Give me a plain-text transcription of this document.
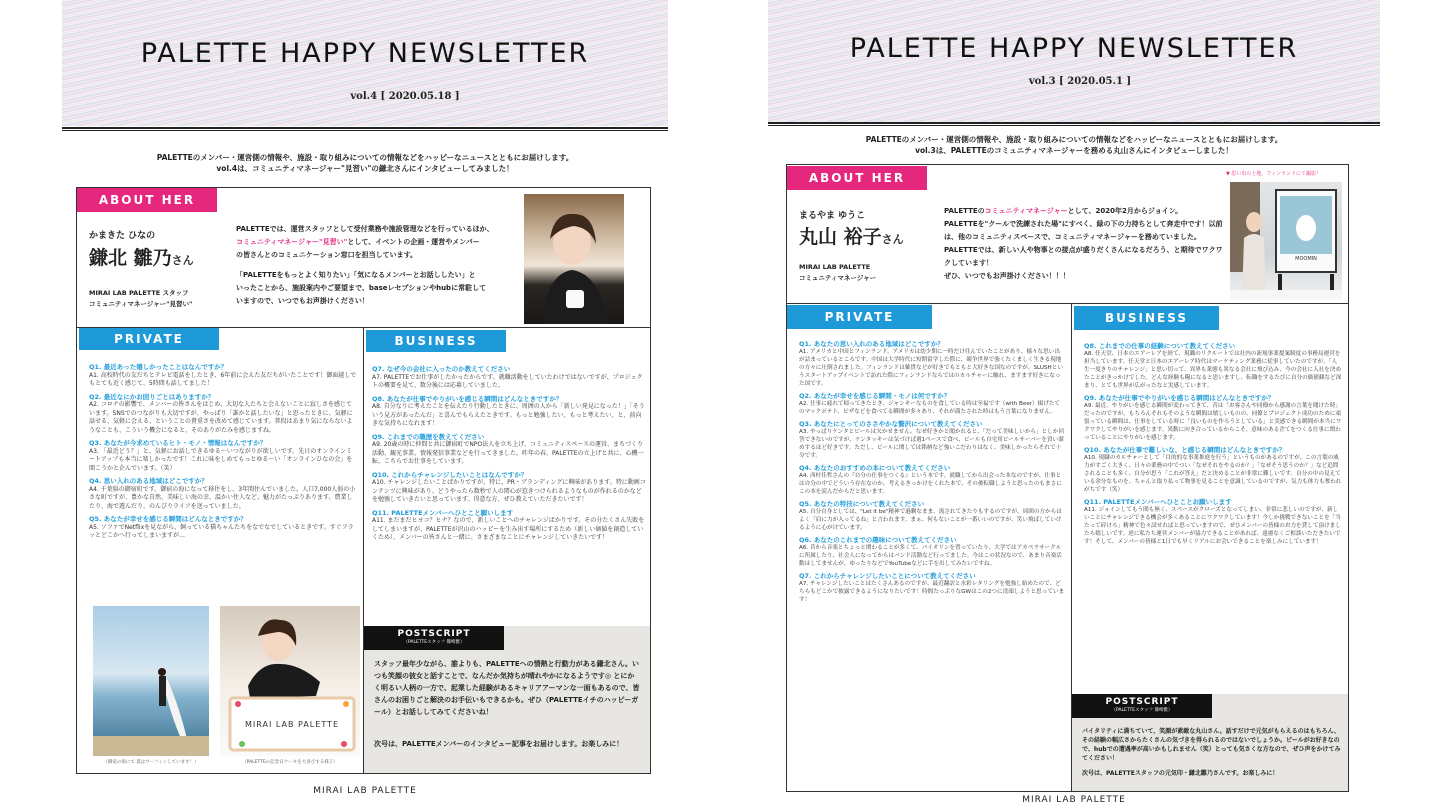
PALETTE HAPPY NEWSLETTER
vol.4 [ 2020.05.18 ]
PALETTEのメンバー・運営側の情報や、施設・取り組みについての情報などをハッピーなニュースとともにお届けします。
vol.4は、コミュニティマネージャー"見習い"の鎌北さんにインタビューしてみました！
ABOUT HER
かまきた ひなの
鎌北 雛乃さん
MIRAI LAB PALETTE スタッフ
コミュニティマネージャー"見習い"
PALETTEでは、運営スタッフとして受付業務や施設管理などを行っているほか、
コミュニティマネージャー"見習い"として、イベントの企画・運営やメンバー
の皆さんとのコミュニケーション窓口を担当しています。
「PALETTEをもっとよく知りたい」「気になるメンバーとお話ししたい」と
いったことから、施設案内やご要望まで、baseレセプションやhubに常駐して
いますので、いつでもお声掛けください！
PRIVATE	BUSINESS
Q1. 最近あった嬉しかったことはなんですか？
A1. 高校時代の友だちとテレビ電話をしたとき、6年前に会えた友だちがいたことです！御面越しでもとても近く感じて、5時間も話してました！
Q2. 最近なにかお困りごとはありますか？
A2. コロナの影響で、メンバーの皆さんをはじめ、大切な人たちと会えないことに寂しさを感じています。SNSでのつながりも大切ですが、やっぱり「誰かと話したいな」と思ったときに、気軽に話せる、気軽に会える、ということの貴重さを改めて感じています。普段はあまり気にならないようなことも、こういう機会になると、そのありがたみを感じますね。
Q3. あなたが今求めているヒト・モノ・情報はなんですか？
A3. 「最近どう？」と、気軽にお話しできるゆる～いつながりが欲しいです。先日のオンラインミートアップも本当に楽しかったです！これに味をしめてもっとゆる～い「オンラインひなの会」を開こうかと企んでいます。（笑）
Q4. 思い入れのある地域はどこですか？
A4. 千葉県の御宿町です。御宿の海になって移住をし、3年間住んでいました。人口7,000人弱の小さな町ですが、豊かな自然、美味しい海の幸、温かい住人など、魅力がたっぷりあります。農業したり、海で遊んだり、のんびりライフを送っていました。
Q5. あなたが幸せを感じる瞬間はどんなときですか？
A5. ソファでNetflixを見ながら、飼っている猫ちゃんたちをなでなでしているときです。すぐフラッとどこかへ行ってしまいますが…
Q7. なぜ今の会社に入ったのか教えてください
A7. PALETTEでお仕事がしたかったからです。就職活動をしていたわけではないですが、プロジェクトの概要を見て、数分後には応募していました。
Q8. あなたが仕事でやりがいを感じる瞬間はどんなときですか？
A8. 自分なりに考えたことを伝えたり行動したときに、周囲の人から「新しい発見になった！」「そういう見方があったんだ」と喜んでもらえたときです。もっと勉強したい、もっと考えたい、と、前向きな気持ちになれます！
Q9. これまでの職歴を教えてください
A9. 20歳の時に仲間と共に御宿町でNPO法人を立ち上げ、コミュニティスペースの運営、まちづくり活動、観光事業、情報発信事業などを行ってきました。昨年の春、PALETTEの立上げと共に、心機一転、こちらでお仕事をしています。
Q10. これからチャレンジしたいことはなんですか？
A10. チャレンジしたいことばかりですが、特に、PR・ブランディングに興味があります。特に動画コンテンツに興味があり、どうやったら数秒で人の関心が惹きつけられるようなものが作れるのかなどを勉強していきたいと思っています。得意な方、ぜひ教えていただきたいです！
Q11. PALETTEメンバーへひとこと願いします
A11. まだまだヒヨコ？ヒナ？なので、新しいことへのチャレンジばかりです。その分たくさん失敗をしてしまいますが、PALETTEが沢山のハッピーを生み出す場所にするため（新しい価値を創造していくため）、メンバーの皆さんと一緒に、さまざまなことにチャレンジしていきたいです！
（御宿の海にて 夏はサーフィンしています！）
MIRAI LAB PALETTE
（PALETTEの記念日ケーキを大喜びする様子）
スタッフ最年少ながら、誰よりも、PALETTEへの情熱と行動力がある鎌北さん。いつも笑顔の彼女と話すことで、なんだか気持ちが晴れやかになるようです◎ とにかく明るい人柄の一方で、起業した経験があるキャリアアーマンな一面もあるので、皆さんのお困りごと解決のお手伝いもできるかも。ぜひ（PALETTEイチのハッピーガール）とお話ししてみてくださいね！
次号は、PALETTEメンバーのインタビュー記事をお届けします。お楽しみに！
POSTSCRIPT
（PALETTEスタッフ 篠崎雅）
MIRAI LAB PALETTE
PALETTE HAPPY NEWSLETTER
vol.3 [ 2020.05.1 ]
PALETTEのメンバー・運営側の情報や、施設・取り組みについての情報などをハッピーなニュースとともにお届けします。
vol.3は、PALETTEのコミュニティマネージャーを務める丸山さんにインタビューしました！
ABOUT HER
まるやま ゆうこ
丸山 裕子さん
MIRAI LAB PALETTE
コミュニティマネージャー
PALETTEのコミュニティマネージャーとして、2020年2月からジョイン。
PALETTEを"クールで洗練された場"にすべく、緑の下の力持ちとして奔走中です！以前は、他のコミュニティスペースで、コミュニティマネージャーを務めていました。PALETTEでは、新しい人や物事との接点が盛りだくさんになるだろう、と期待でワクワクしています！
ぜひ、いつでもお声掛けください！！！
▼ 思い出の土地、フィンランドにて撮影！
MOOMIN
PRIVATE	BUSINESS
Q1. あなたの思い入れのある地域はどこですか？
A1. アメリカと中国とフィンランド。アメリカは幼少期に一時だけ住んでいたことがあり、様々な思い出が詰まっているところです。中国は大学時代に短期留学した際に、競争世界で強くたくましく生きる現地の方々に圧倒されました。フィンランドは雑貨などが好きでもともと大好きな国なのですが、SLUSHというスタートアップイベントで訪れた際にフィンランドならではのカルチャーに触れ、ますます好きになった国です。
Q2. あなたが幸せを感じる瞬間・モノは何ですか？
A2. 仕事に疲れて帰ってきたとき、ジャンキーなものを食している時は至福です（with Beer）揚げたてのマックポテト、ピザなどを食べてる瞬間が多々あり、それが満たされた時はもう言葉になりません。
Q3. あなたにとってのささやかな贅沢について教えてください
A3. やっぱりケンタとビールは欠かせません。なぜ好きかと聞かれると、「だって美味しいから」としか回答できないのですが、ケンタッキーは気づけば週1ペースで食べ、ビールも自宅用ビールサーバーを買い溜めするほど好きです。ただし、ビールに関しては銘柄など強いこだわりはなく、美味しかったらそれで十分です。
Q4. あなたのおすすめの本について教えてください
A4. 西村佳哲さんの『自分の仕事をつくる』という本です。就職してから出会った本なのですが、仕事とは自分の中でどういう存在なのか、考えるきっかけをくれた本で、その後転職しようと思ったのもまさにこの本を読んだからだと思います。
Q5. あなたの特技について教えてください
A5. 自分自身としては、"Let it be"精神で過剰なまま、流されてきたりもするのですが、周囲の方からはよく「肩に力が入ってるね」と言われます。まぁ、何もないことが一番いいのですが、笑い飛ばしていけるように心がけています。
Q6. あなたのこれまでの趣味について教えてください
A6. 昔から音楽とちょっと関わることが多くて、バイオリンを習っていたり、大学ではアカペラサークルに所属したり、社会人になってからはバンド活動など行ってました。今はこの状況なので、あまり音楽活動はしてませんが、ゆったりなどでYouTubeなどに手を出してみたいですね。
Q7. これからチャレンジしたいことについて教えてください
A7. チャレンジしたいことはたくさんあるのですが、最近翻訳と水彩レタリングを勉強し始めたので、どちらもどこかで披露できるようになりたいです！時間たっぷりなGWはこの2つに没頭しようと思っています！
Q8. これまでの仕事の経験について教えてください
A8. 任天堂、日本のエアーレアを経て、現職のリクルートでは社内の新規事業提案制度の事務局運営を担当しています。任天堂と日本のエアーレア時代はマーケティング業務に従事していたのですが、「人生一度きりのチャレンジ」と思い切って、異界も業態も異なる会社に飛び込み、今の会社に入社を決めたことがきっかけでした。どんな経験も糧になると思いますし、転職をするたびに自分の価値観など深まり、とても世界が広がったなと実感しています。
Q9. あなたが仕事でやりがいを感じる瞬間はどんなときですか？
A9. 最近、やりがいを感じる瞬間が変わってきて、昔は「お客さんや同僚から感謝の言葉を聞けた時」だったのですが、もちろんそれもそのような瞬間は嬉しいものの、同僚とプロジェクト成功のために頑張っている瞬間は、仕事をしている時に「良いものを作ろうとしている」と実感できる瞬間が本当にワクワクしてやりがいを感じます。異動に向き合っているからこそ、意味のある企てをつくる仕事に関わっていることにやりがいを感じます。
Q10. あなたが仕事で難しいな、と感じる瞬間はどんなときですか？
A10. 現職のカルチャーとして「目的的な事業推進を行う」というものがあるのですが、この言葉の威力がすごく大きく、日々の業務の中でつい「なぜそれをやるのか？」「なぜそう思うのか？」など追問されることも多く、自分が思う「これが答え」だと決めることが非常に難しいです。自分の中の見えている余分なものを、ちゃんと取り払って物事を見ることを意識しているのですが、気力も体力も奪われがちです（笑）
Q11. PALETTEメンバーへひとことお願いします
A11. ジョインしてもう間も無く、スペースがクローズとなってしまい、非常に悲しいのですが、新しいことにチャレンジできる機会が多くあることにワクワクしています！今しか挑戦できないことを「当たって砕けろ」精神で色々試せればと思っていますので、ぜひメンバーの皆様のお力を貸して頂けましたら嬉しいです。逆に私たち運営メンバーが協力できることがあれば、遠慮なくご相談いただきたいです！そして、メンバーの皆様と1日でも早くリアルにお会いできることを楽しみにしています！
バイタリティに満ちていて、笑顔が素敵な丸山さん。話すだけで元気がもらえるのはもちろん、その経験の幅広さからたくさんの気づきを得られるのではないでしょうか。ビールがお好きなので、hubでの遭遇率が高いかもしれません（笑）とっても気さくな方なので、ぜひ声をかけてみてください！
次号は、PALETTEスタッフの元気印・鎌北雛乃さんです。お楽しみに！
POSTSCRIPT
（PALETTEスタッフ 篠崎雅）
MIRAI LAB PALETTE
